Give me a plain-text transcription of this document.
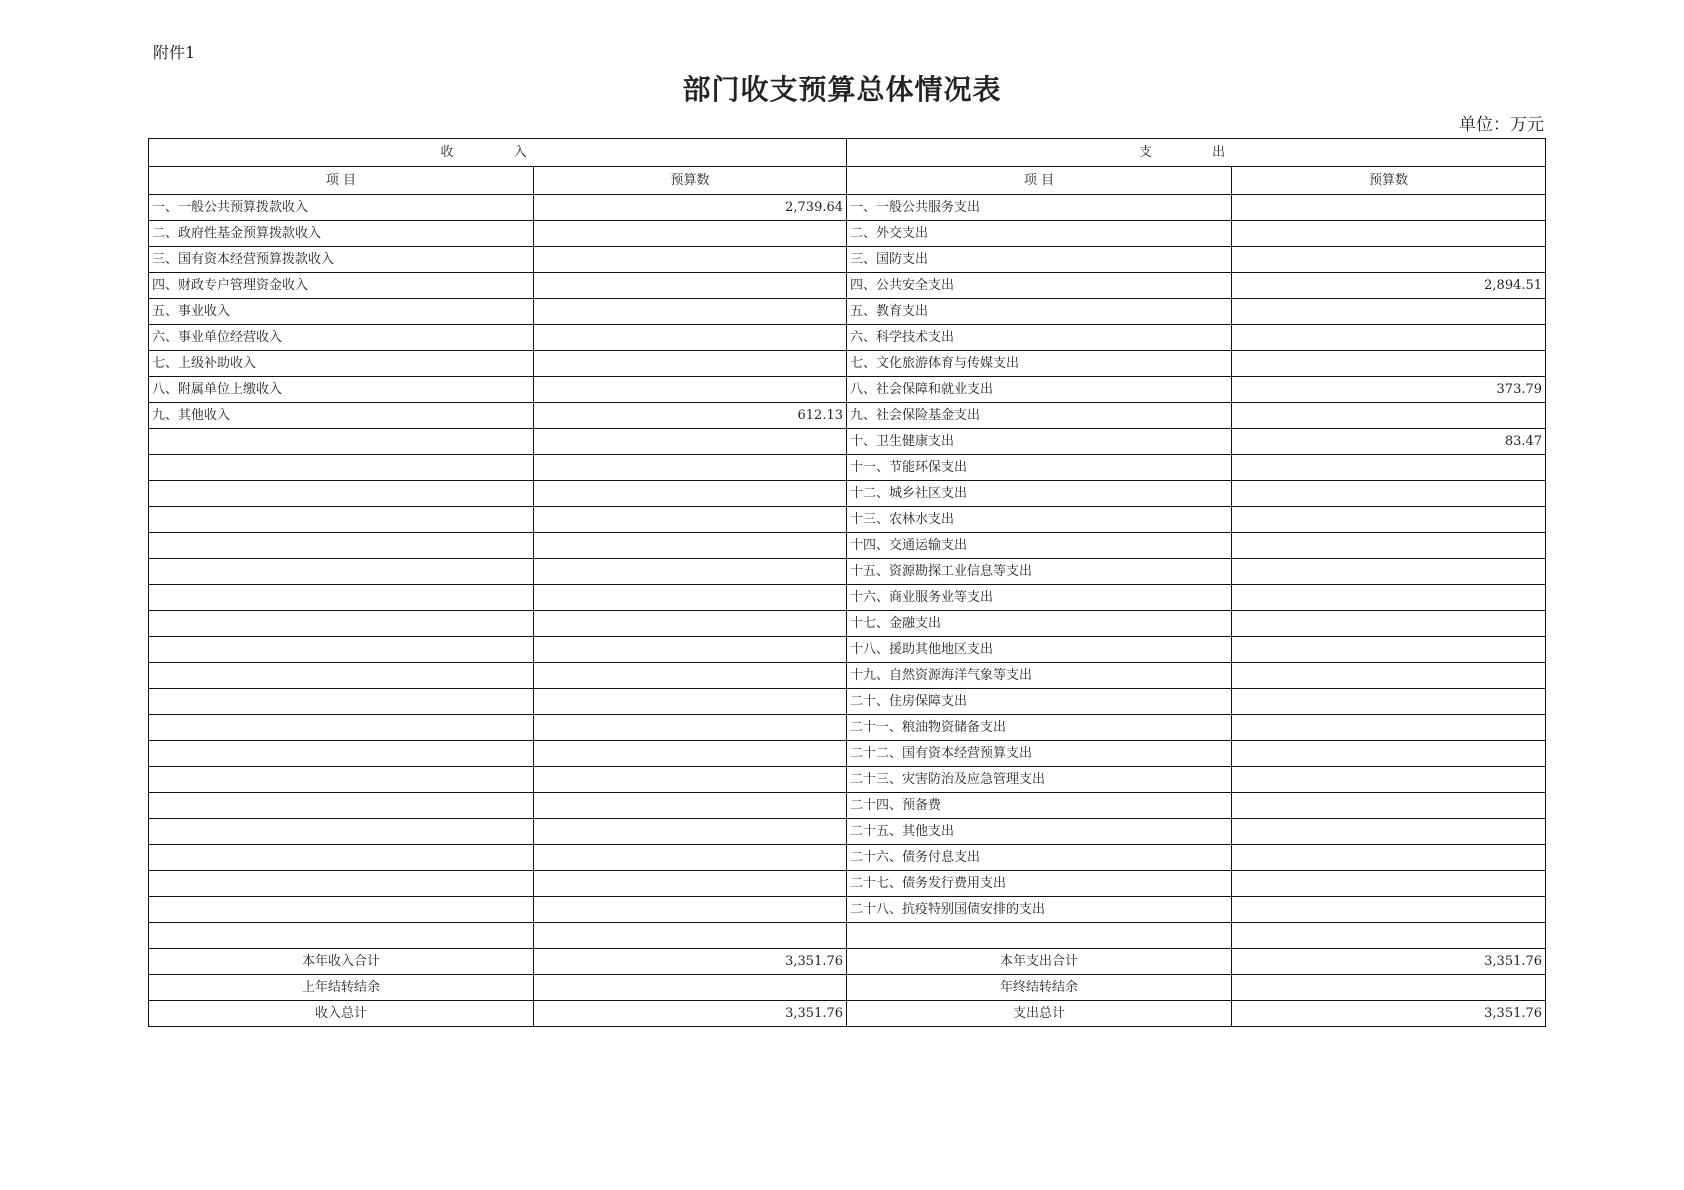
附件1
部门收支预算总体情况表
单位：万元
收 入		支 出	
项 目	预算数	项 目	预算数
一、一般公共预算拨款收入	2,739.64	一、一般公共服务支出	
二、政府性基金预算拨款收入		二、外交支出	
三、国有资本经营预算拨款收入		三、国防支出	
四、财政专户管理资金收入		四、公共安全支出	2,894.51
五、事业收入		五、教育支出	
六、事业单位经营收入		六、科学技术支出	
七、上级补助收入		七、文化旅游体育与传媒支出	
八、附属单位上缴收入		八、社会保障和就业支出	373.79
九、其他收入	612.13	九、社会保险基金支出	
		十、卫生健康支出	83.47
		十一、节能环保支出	
		十二、城乡社区支出	
		十三、农林水支出	
		十四、交通运输支出	
		十五、资源勘探工业信息等支出	
		十六、商业服务业等支出	
		十七、金融支出	
		十八、援助其他地区支出	
		十九、自然资源海洋气象等支出	
		二十、住房保障支出	
		二十一、粮油物资储备支出	
		二十二、国有资本经营预算支出	
		二十三、灾害防治及应急管理支出	
		二十四、预备费	
		二十五、其他支出	
		二十六、债务付息支出	
		二十七、债务发行费用支出	
		二十八、抗疫特别国债安排的支出	

本年收入合计	3,351.76	本年支出合计	3,351.76
上年结转结余		年终结转结余	
收入总计	3,351.76	支出总计	3,351.76
